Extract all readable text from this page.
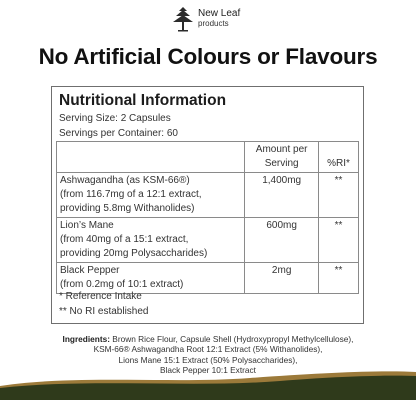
New Leaf
products
No Artificial Colours or Flavours
Nutritional Information
Serving Size: 2 Capsules
Servings per Container: 60
	Amount per Serving	%RI*

Ashwagandha (as KSM-66®)
(from 116.7mg of a 12:1 extract,
providing 5.8mg Withanolides)	1,400mg	**

Lion’s Mane
(from 40mg of a 15:1 extract,
providing 20mg Polysaccharides)	600mg	**

Black Pepper
(from 0.2mg of 10:1 extract)	2mg	**
* Reference Intake
** No RI established
Ingredients: Brown Rice Flour, Capsule Shell (Hydroxypropyl Methylcellulose),
KSM-66® Ashwagandha Root 12:1 Extract (5% Withanolides),
Lions Mane 15:1 Extract (50% Polysaccharides),
Black Pepper 10:1 Extract
